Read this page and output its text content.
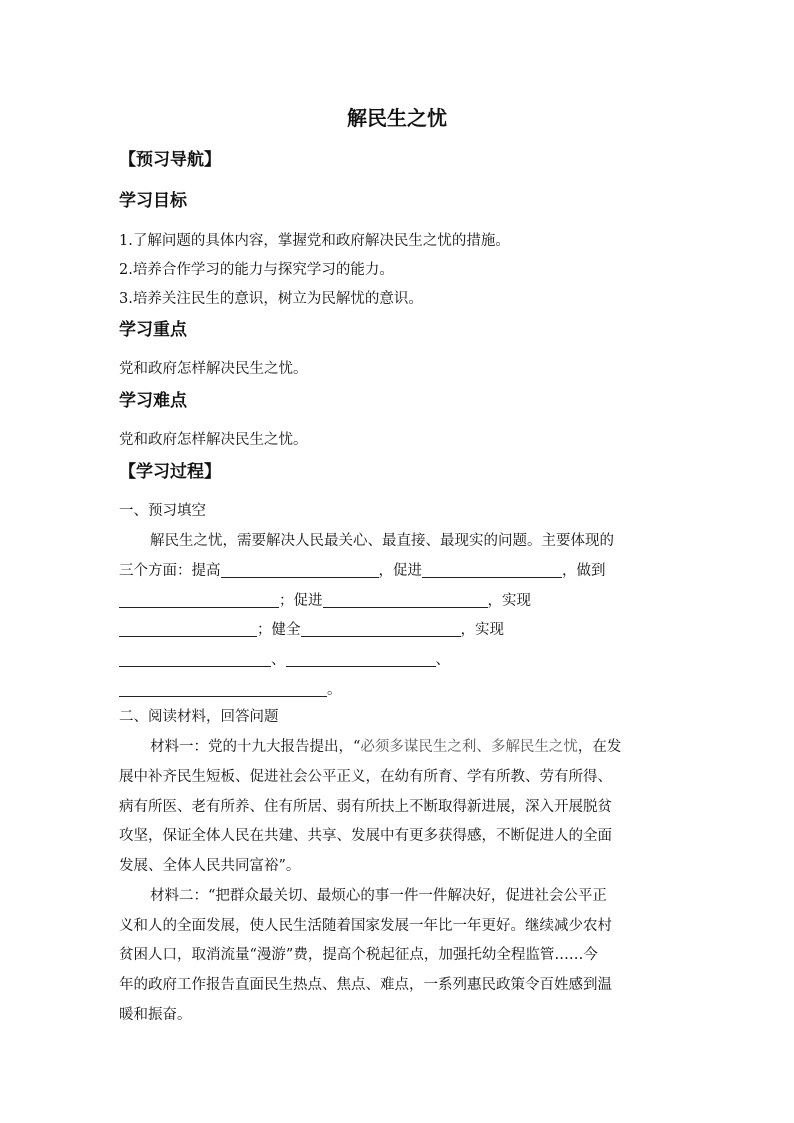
解民生之忧
【预习导航】
学习目标
1.了解问题的具体内容，掌握党和政府解决民生之忧的措施。
2.培养合作学习的能力与探究学习的能力。
3.培养关注民生的意识，树立为民解忧的意识。
学习重点
党和政府怎样解决民生之忧。
学习难点
党和政府怎样解决民生之忧。
【学习过程】
一、预习填空
解民生之忧，需要解决人民最关心、最直接、最现实的问题。主要体现的
三个方面：提高	，促进	，做到
；促进	，实现
；健全	，实现
、	、
。
二、阅读材料，回答问题
材料一：党的十九大报告提出，“必须多谋民生之利、多解民生之忧，在发
展中补齐民生短板、促进社会公平正义，在幼有所育、学有所教、劳有所得、
病有所医、老有所养、住有所居、弱有所扶上不断取得新进展，深入开展脱贫
攻坚，保证全体人民在共建、共享、发展中有更多获得感，不断促进人的全面
发展、全体人民共同富裕”。
材料二：“把群众最关切、最烦心的事一件一件解决好，促进社会公平正
义和人的全面发展，使人民生活随着国家发展一年比一年更好。继续减少农村
贫困人口，取消流量“漫游”费，提高个税起征点，加强托幼全程监管……今
年的政府工作报告直面民生热点、焦点、难点，一系列惠民政策令百姓感到温
暖和振奋。
